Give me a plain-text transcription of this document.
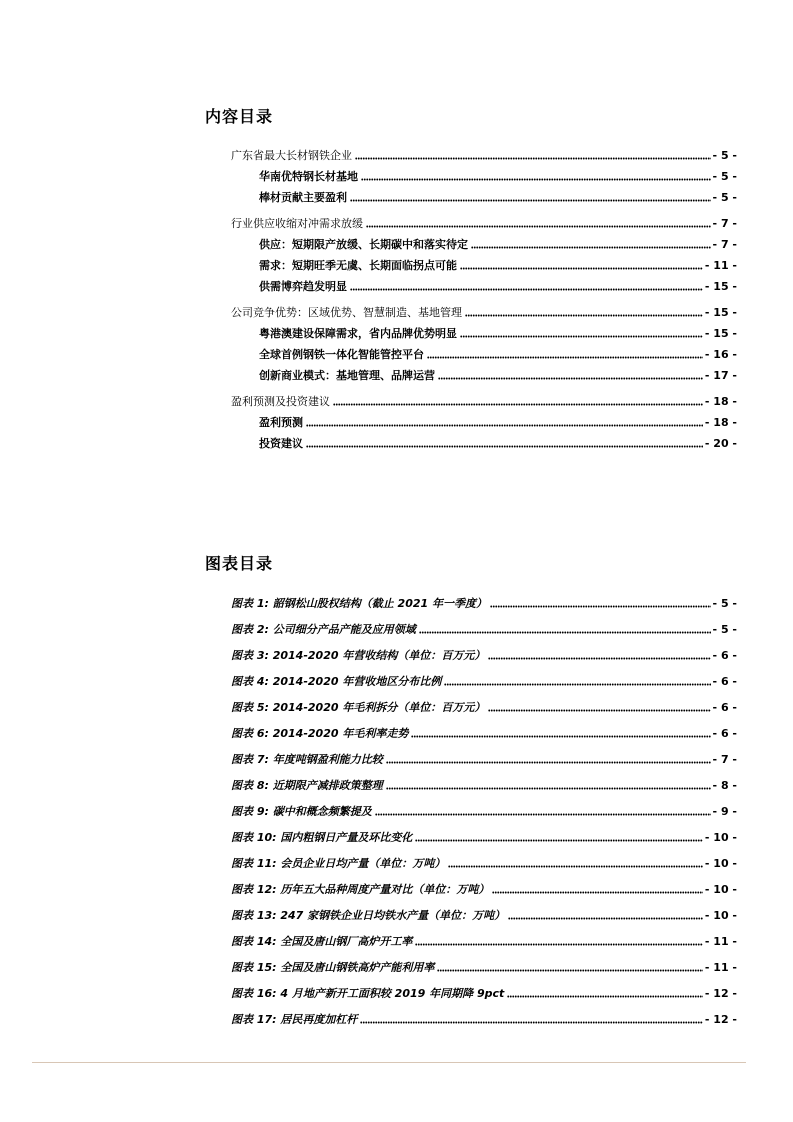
内容目录
广东省最大长材钢铁企业	- 5 -
华南优特钢长材基地	- 5 -
棒材贡献主要盈利	- 5 -
行业供应收缩对冲需求放缓	- 7 -
供应：短期限产放缓、长期碳中和落实待定	- 7 -
需求：短期旺季无虞、长期面临拐点可能	- 11 -
供需博弈趋发明显	- 15 -
公司竞争优势：区域优势、智慧制造、基地管理	- 15 -
粤港澳建设保障需求，省内品牌优势明显	- 15 -
全球首例钢铁一体化智能管控平台	- 16 -
创新商业模式：基地管理、品牌运营	- 17 -
盈利预测及投资建议	- 18 -
盈利预测	- 18 -
投资建议	- 20 -
图表目录
图表 1: 韶钢松山股权结构（截止 2021 年一季度）	- 5 -
图表 2: 公司细分产品产能及应用领域	- 5 -
图表 3: 2014-2020 年营收结构（单位：百万元）	- 6 -
图表 4: 2014-2020 年营收地区分布比例	- 6 -
图表 5: 2014-2020 年毛利拆分（单位：百万元）	- 6 -
图表 6: 2014-2020 年毛利率走势	- 6 -
图表 7: 年度吨钢盈利能力比较	- 7 -
图表 8: 近期限产减排政策整理	- 8 -
图表 9: 碳中和概念频繁提及	- 9 -
图表 10: 国内粗钢日产量及环比变化	- 10 -
图表 11: 会员企业日均产量（单位：万吨）	- 10 -
图表 12: 历年五大品种周度产量对比（单位：万吨）	- 10 -
图表 13: 247 家钢铁企业日均铁水产量（单位：万吨）	- 10 -
图表 14: 全国及唐山钢厂高炉开工率	- 11 -
图表 15: 全国及唐山钢铁高炉产能利用率	- 11 -
图表 16: 4 月地产新开工面积较 2019 年同期降 9pct	- 12 -
图表 17: 居民再度加杠杆	- 12 -
